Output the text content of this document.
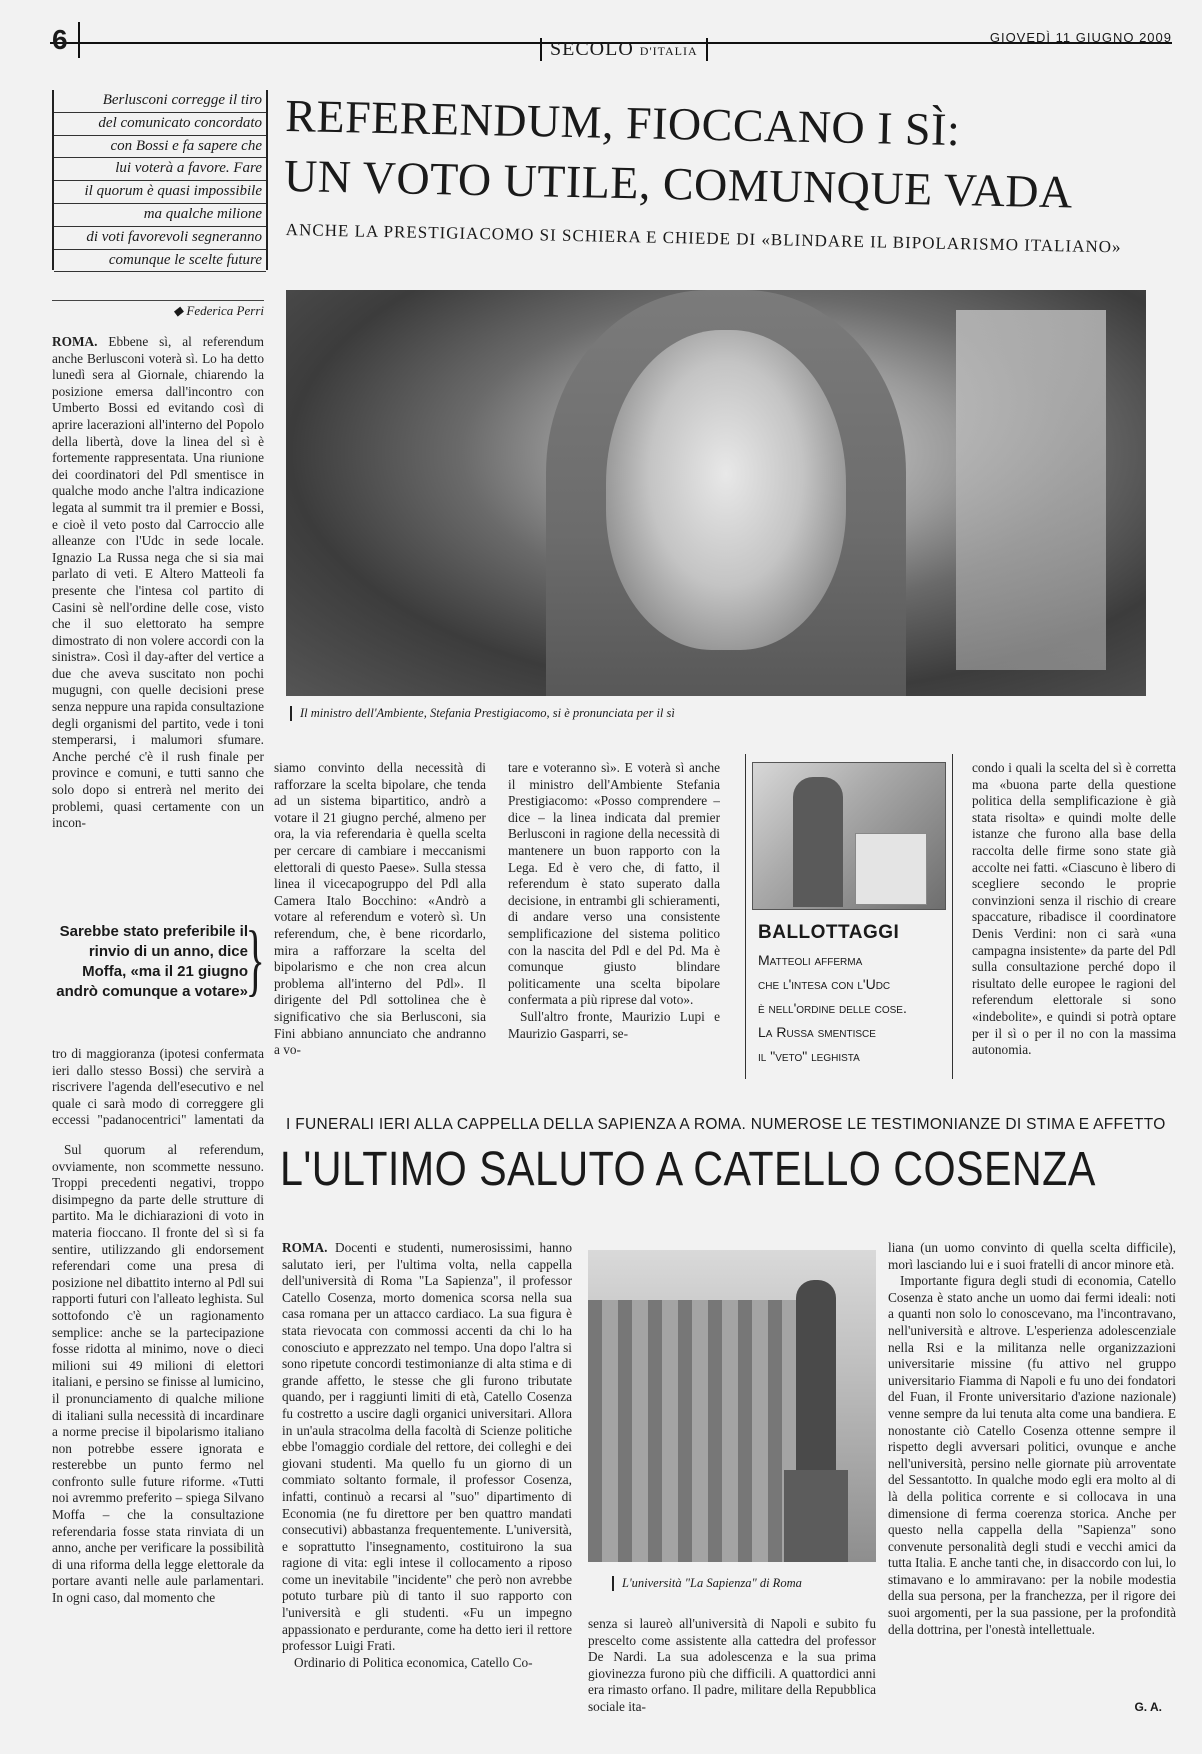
6	SECOLO D'ITALIA
GIOVEDÌ 11 GIUGNO 2009
Berlusconi corregge il tiro
del comunicato concordato
con Bossi e fa sapere che
lui voterà a favore. Fare
il quorum è quasi impossibile
ma qualche milione
di voti favorevoli segneranno
comunque le scelte future
REFERENDUM, FIOCCANO I SÌ:
UN VOTO UTILE, COMUNQUE VADA
ANCHE LA PRESTIGIACOMO SI SCHIERA E CHIEDE DI «BLINDARE IL BIPOLARISMO ITALIANO»
◆ Federica Perri
Il ministro dell'Ambiente, Stefania Prestigiacomo, si è pronunciata per il sì

ROMA. Ebbene sì, al referendum anche Berlusconi voterà sì. Lo ha detto lunedì sera al Giornale, chiarendo la posizione emersa dall'incontro con Umberto Bossi ed evitando così di aprire lacerazioni all'interno del Popolo della libertà, dove la linea del sì è fortemente rappresentata. Una riunione dei coordinatori del Pdl smentisce in qualche modo anche l'altra indicazione legata al summit tra il premier e Bossi, e cioè il veto posto dal Carroccio alle alleanze con l'Udc in sede locale. Ignazio La Russa nega che si sia mai parlato di veti. E Altero Matteoli fa presente che l'intesa col partito di Casini sè nell'ordine delle cose, visto che il suo elettorato ha sempre dimostrato di non volere accordi con la sinistra». Così il day-after del vertice a due che aveva suscitato non pochi mugugni, con quelle decisioni prese senza neppure una rapida consultazione degli organismi del partito, vede i toni stemperarsi, i malumori sfumare. Anche perché c'è il rush finale per province e comuni, e tutti sanno che solo dopo si entrerà nel merito dei problemi, quasi certamente con un incon-

Sarebbe stato preferibile il rinvio di un anno, dice Moffa, «ma il 21 giugno andrò comunque a votare»
}

tro di maggioranza (ipotesi confermata ieri dallo stesso Bossi) che servirà a riscrivere l'agenda dell'esecutivo e nel quale ci sarà modo di correggere gli eccessi "padanocentrici" lamentati da

Sul quorum al referendum, ovviamente, non scommette nessuno. Troppi precedenti negativi, troppo disimpegno da parte delle strutture di partito. Ma le dichiarazioni di voto in materia fioccano. Il fronte del sì si fa sentire, utilizzando gli endorsement referendari come una presa di posizione nel dibattito interno al Pdl sui rapporti futuri con l'alleato leghista. Sul sottofondo c'è un ragionamento semplice: anche se la partecipazione fosse ridotta al minimo, nove o dieci milioni sui 49 milioni di elettori italiani, e persino se finisse al lumicino, il pronunciamento di qualche milione di italiani sulla necessità di incardinare a norme precise il bipolarismo italiano non potrebbe essere ignorata e resterebbe un punto fermo nel confronto sulle future riforme. «Tutti noi avremmo preferito – spiega Silvano Moffa – che la consultazione referendaria fosse stata rinviata di un anno, anche per verificare la possibilità di una riforma della legge elettorale da portare avanti nelle aule parlamentari. In ogni caso, dal momento che

siamo convinto della necessità di rafforzare la scelta bipolare, che tenda ad un sistema bipartitico, andrò a votare il 21 giugno perché, almeno per ora, la via referendaria è quella scelta per cercare di cambiare i meccanismi elettorali di questo Paese». Sulla stessa linea il vicecapogruppo del Pdl alla Camera Italo Bocchino: «Andrò a votare al referendum e voterò sì. Un referendum, che, è bene ricordarlo, mira a rafforzare la scelta del bipolarismo e che non crea alcun problema all'interno del Pdl». Il dirigente del Pdl sottolinea che è significativo che sia Berlusconi, sia Fini abbiano annunciato che andranno a vo-

tare e voteranno sì». E voterà sì anche il ministro dell'Ambiente Stefania Prestigiacomo: «Posso comprendere – dice – la linea indicata dal premier Berlusconi in ragione della necessità di mantenere un buon rapporto con la Lega. Ed è vero che, di fatto, il referendum è stato superato dalla decisione, in entrambi gli schieramenti, di andare verso una consistente semplificazione del sistema politico con la nascita del Pdl e del Pd. Ma è comunque giusto blindare politicamente una scelta bipolare confermata a più riprese dal voto».

Sull'altro fronte, Maurizio Lupi e Maurizio Gasparri, se-

BALLOTTAGGI
Matteoli afferma
che l'intesa con l'Udc
è nell'ordine delle cose.
La Russa smentisce
il "veto" leghista

condo i quali la scelta del sì è corretta ma «buona parte della questione politica della semplificazione è già stata risolta» e quindi molte delle istanze che furono alla base della raccolta delle firme sono state già accolte nei fatti. «Ciascuno è libero di scegliere secondo le proprie convinzioni senza il rischio di creare spaccature, ribadisce il coordinatore Denis Verdini: non ci sarà «una campagna insistente» da parte del Pdl sulla consultazione perché dopo il risultato delle europee le ragioni del referendum elettorale si sono «indebolite», e quindi si potrà optare per il sì o per il no con la massima autonomia.

I FUNERALI IERI ALLA CAPPELLA DELLA SAPIENZA A ROMA. NUMEROSE LE TESTIMONIANZE DI STIMA E AFFETTO
L'ULTIMO SALUTO A CATELLO COSENZA

ROMA. Docenti e studenti, numerosissimi, hanno salutato ieri, per l'ultima volta, nella cappella dell'università di Roma "La Sapienza", il professor Catello Cosenza, morto domenica scorsa nella sua casa romana per un attacco cardiaco. La sua figura è stata rievocata con commossi accenti da chi lo ha conosciuto e apprezzato nel tempo. Una dopo l'altra si sono ripetute concordi testimonianze di alta stima e di grande affetto, le stesse che gli furono tributate quando, per i raggiunti limiti di età, Catello Cosenza fu costretto a uscire dagli organici universitari. Allora in un'aula stracolma della facoltà di Scienze politiche ebbe l'omaggio cordiale del rettore, dei colleghi e dei giovani studenti. Ma quello fu un giorno di un commiato soltanto formale, il professor Cosenza, infatti, continuò a recarsi al "suo" dipartimento di Economia (ne fu direttore per ben quattro mandati consecutivi) abbastanza frequentemente. L'università, e soprattutto l'insegnamento, costituirono la sua ragione di vita: egli intese il collocamento a riposo come un inevitabile "incidente" che però non avrebbe potuto turbare più di tanto il suo rapporto con l'università e gli studenti. «Fu un impegno appassionato e perdurante, come ha detto ieri il rettore professor Luigi Frati.

Ordinario di Politica economica, Catello Co-

L'università "La Sapienza" di Roma

senza si laureò all'università di Napoli e subito fu prescelto come assistente alla cattedra del professor De Nardi. La sua adolescenza e la sua prima giovinezza furono più che difficili. A quattordici anni era rimasto orfano. Il padre, militare della Repubblica sociale ita-

liana (un uomo convinto di quella scelta difficile), morì lasciando lui e i suoi fratelli di ancor minore età.

Importante figura degli studi di economia, Catello Cosenza è stato anche un uomo dai fermi ideali: noti a quanti non solo lo conoscevano, ma l'incontravano, nell'università e altrove. L'esperienza adolescenziale nella Rsi e la militanza nelle organizzazioni universitarie missine (fu attivo nel gruppo universitario Fiamma di Napoli e fu uno dei fondatori del Fuan, il Fronte universitario d'azione nazionale) venne sempre da lui tenuta alta come una bandiera. E nonostante ciò Catello Cosenza ottenne sempre il rispetto degli avversari politici, ovunque e anche nell'università, persino nelle giornate più arroventate del Sessantotto. In qualche modo egli era molto al di là della politica corrente e si collocava in una dimensione di ferma coerenza storica. Anche per questo nella cappella della "Sapienza" sono convenute personalità degli studi e vecchi amici da tutta Italia. E anche tanti che, in disaccordo con lui, lo stimavano e lo ammiravano: per la nobile modestia della sua persona, per la franchezza, per il rigore dei suoi argomenti, per la sua passione, per la profondità della dottrina, per l'onestà intellettuale.

G. A.
